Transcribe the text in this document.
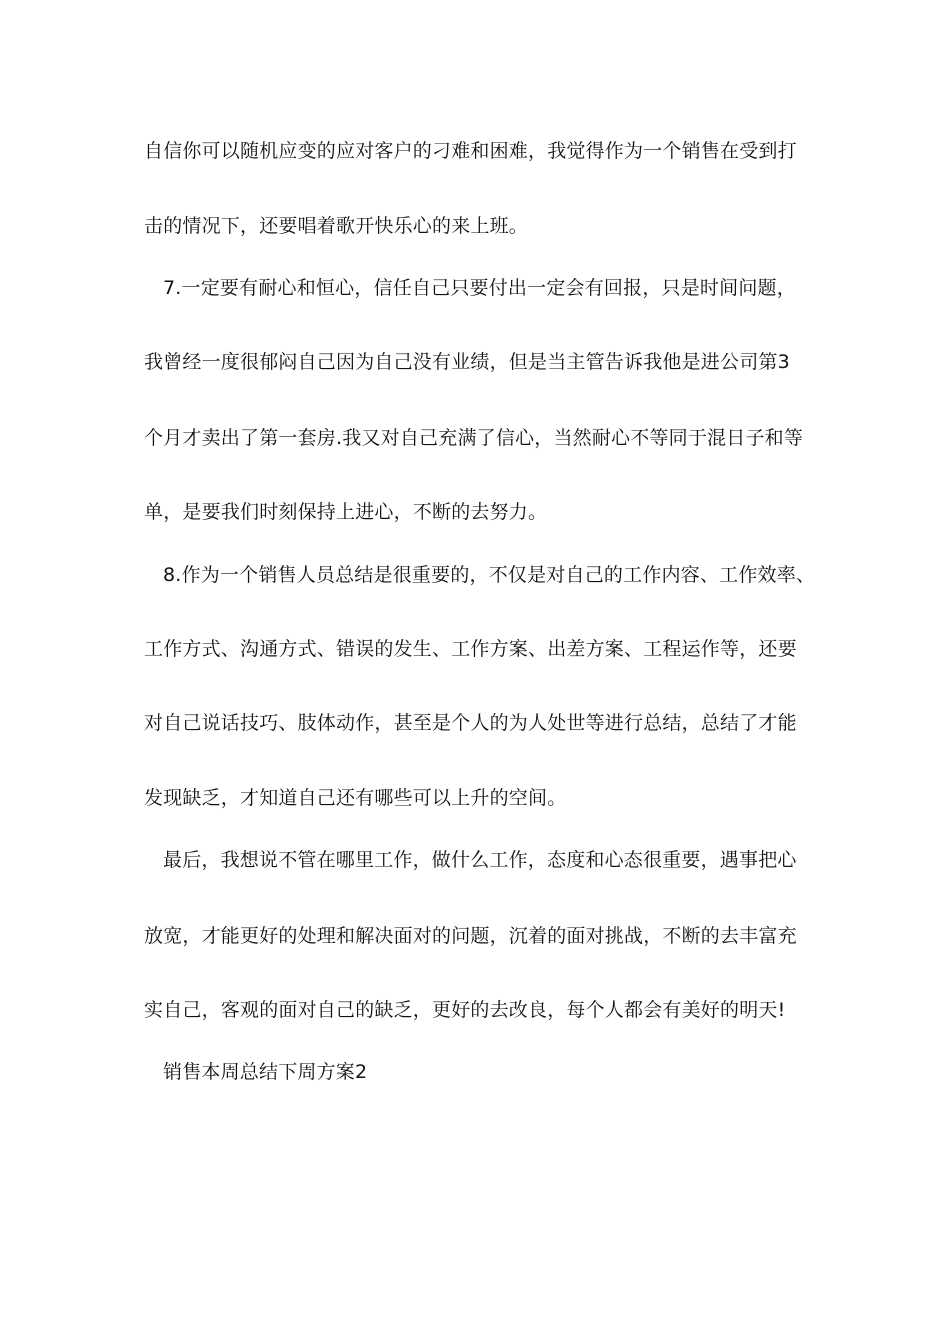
自信你可以随机应变的应对客户的刁难和困难，我觉得作为一个销售在受到打
击的情况下，还要唱着歌开快乐心的来上班。
7.一定要有耐心和恒心，信任自己只要付出一定会有回报，只是时间问题，
我曾经一度很郁闷自己因为自己没有业绩，但是当主管告诉我他是进公司第3
个月才卖出了第一套房.我又对自己充满了信心，当然耐心不等同于混日子和等
单，是要我们时刻保持上进心，不断的去努力。
8.作为一个销售人员总结是很重要的，不仅是对自己的工作内容、工作效率、
工作方式、沟通方式、错误的发生、工作方案、出差方案、工程运作等，还要
对自己说话技巧、肢体动作，甚至是个人的为人处世等进行总结，总结了才能
发现缺乏，才知道自己还有哪些可以上升的空间。
最后，我想说不管在哪里工作，做什么工作，态度和心态很重要，遇事把心
放宽，才能更好的处理和解决面对的问题，沉着的面对挑战，不断的去丰富充
实自己，客观的面对自己的缺乏，更好的去改良，每个人都会有美好的明天!
销售本周总结下周方案2
